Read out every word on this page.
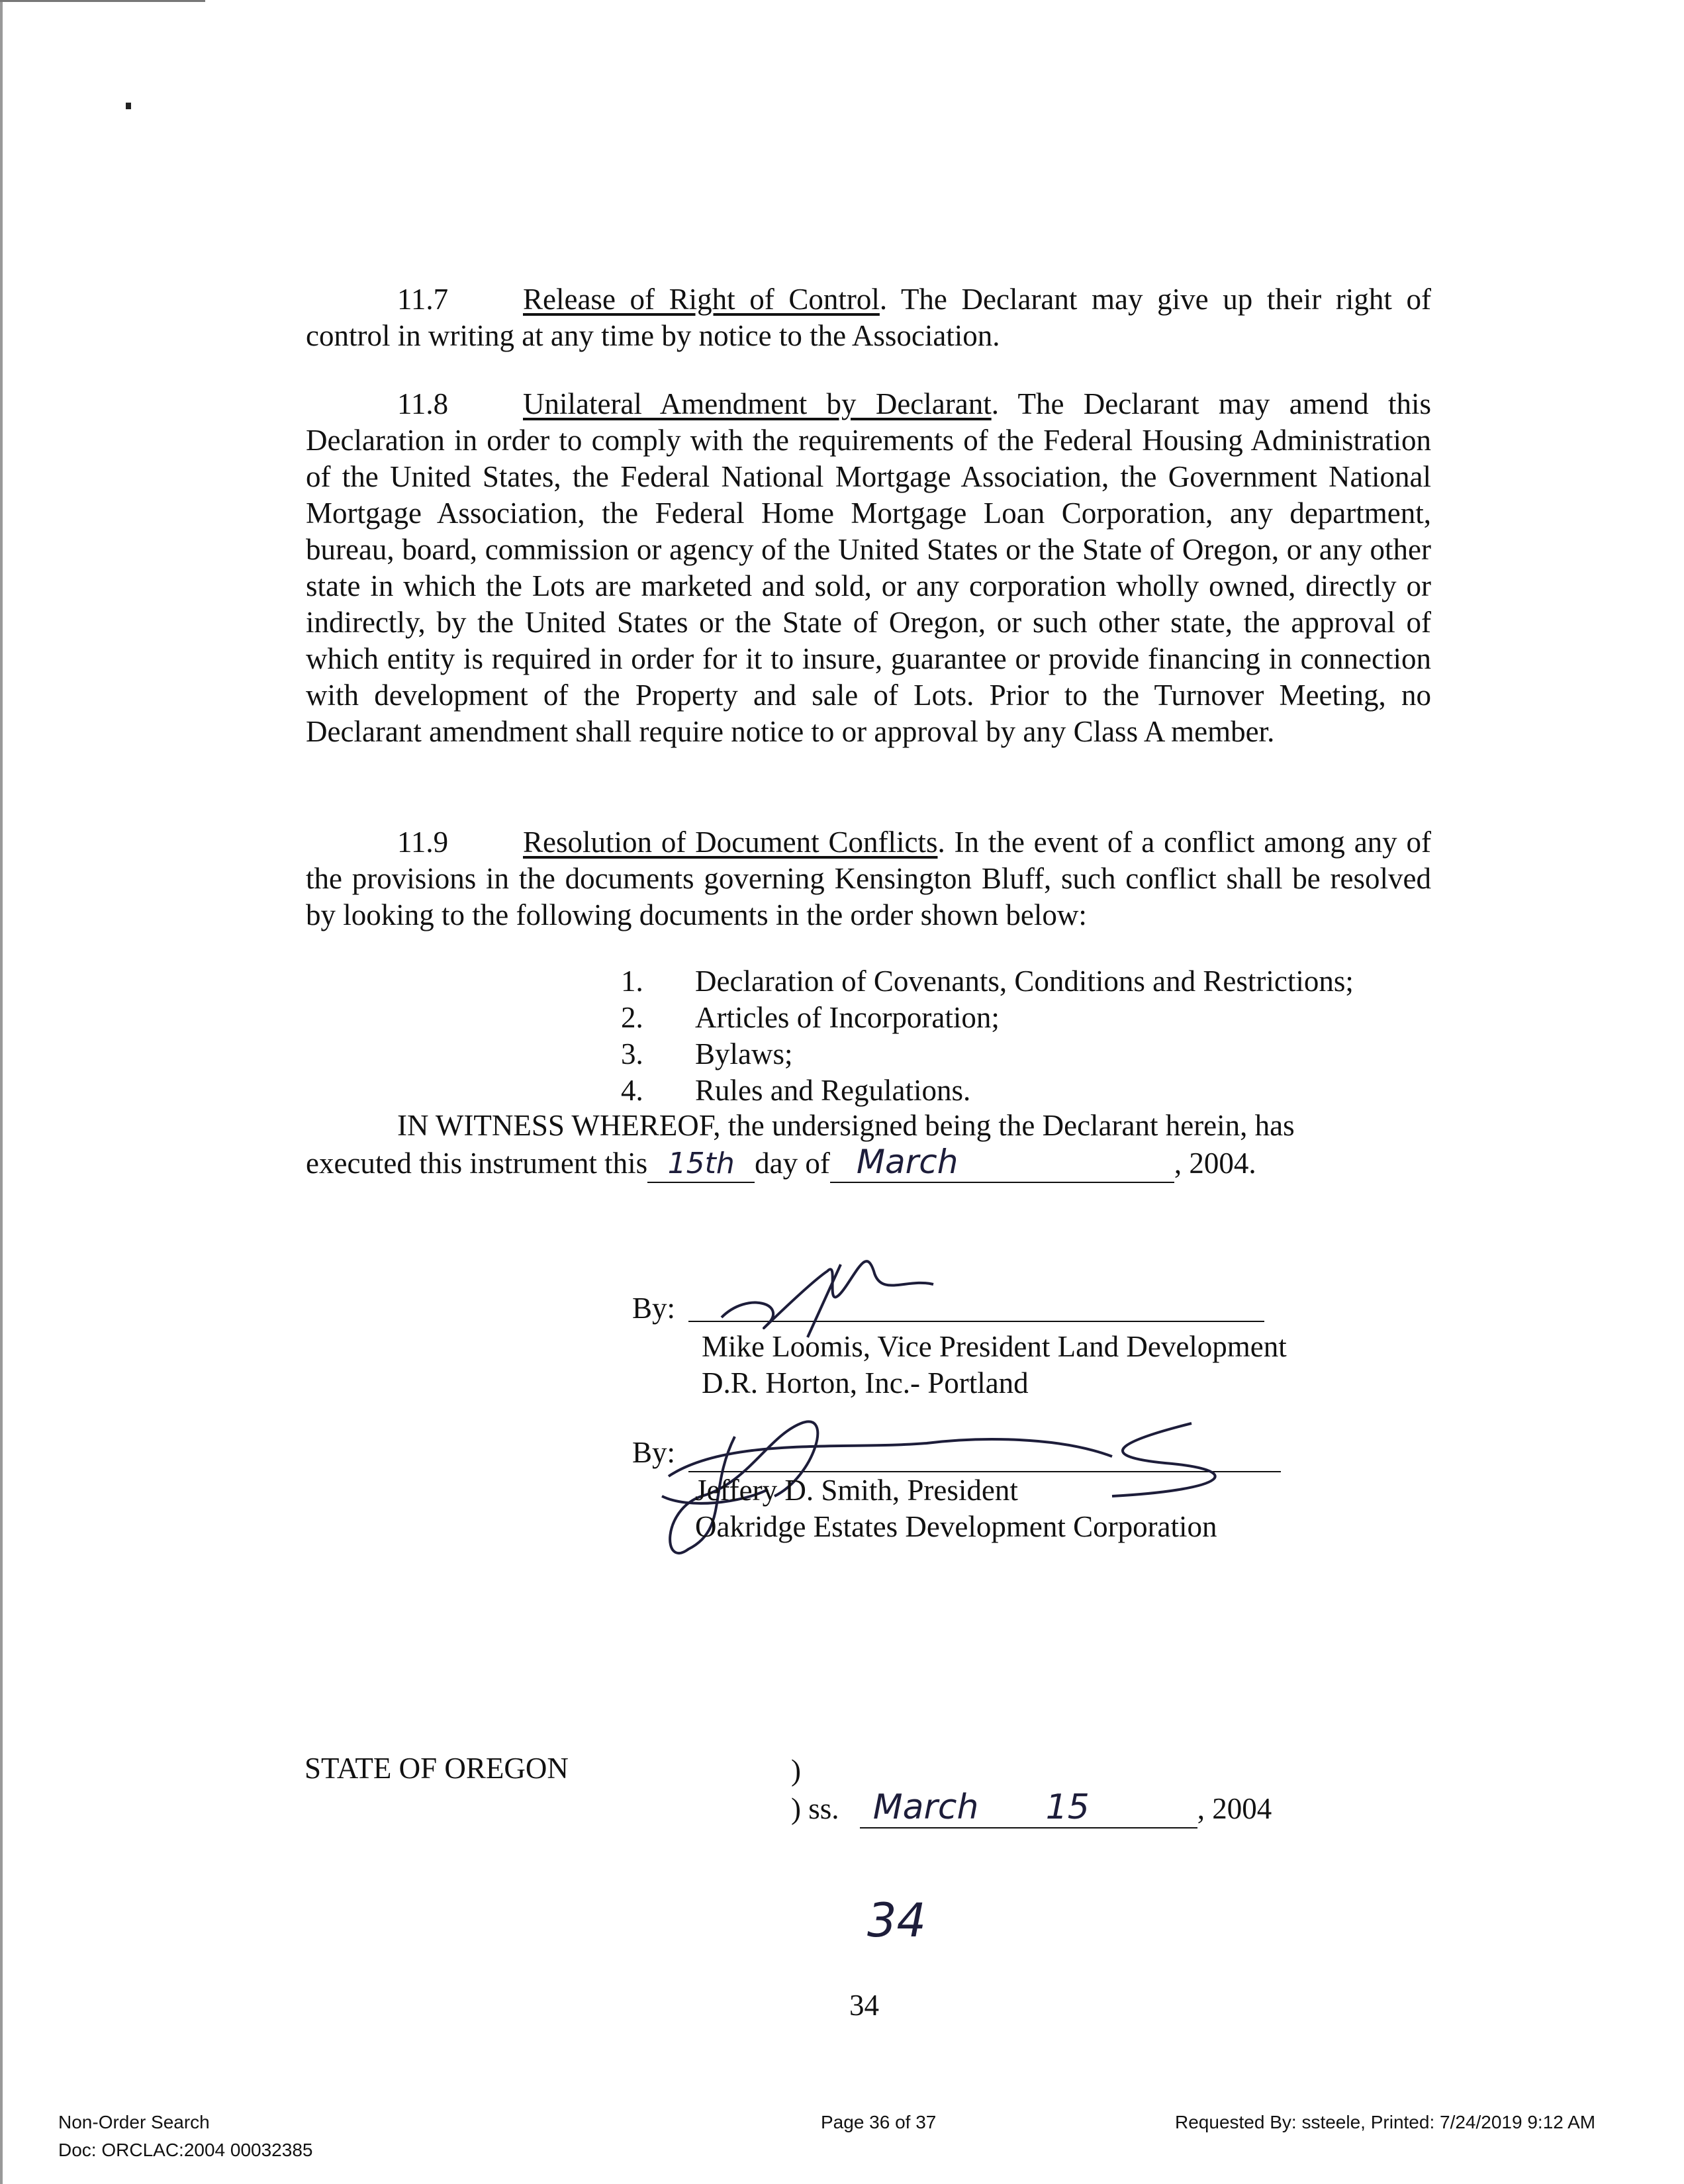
11.7	Release of Right of Control. The Declarant may give up their right of control in writing at any time by notice to the Association.
11.8	Unilateral Amendment by Declarant. The Declarant may amend this Declaration in order to comply with the requirements of the Federal Housing Administration of the United States, the Federal National Mortgage Association, the Government National Mortgage Association, the Federal Home Mortgage Loan Corporation, any department, bureau, board, commission or agency of the United States or the State of Oregon, or any other state in which the Lots are marketed and sold, or any corporation wholly owned, directly or indirectly, by the United States or the State of Oregon, or such other state, the approval of which entity is required in order for it to insure, guarantee or provide financing in connection with development of the Property and sale of Lots. Prior to the Turnover Meeting, no Declarant amendment shall require notice to or approval by any Class A member.
11.9	Resolution of Document Conflicts. In the event of a conflict among any of the provisions in the documents governing Kensington Bluff, such conflict shall be resolved by looking to the following documents in the order shown below:
1. Declaration of Covenants, Conditions and Restrictions;
2. Articles of Incorporation;
3. Bylaws;
4. Rules and Regulations.
IN WITNESS WHEREOF, the undersigned being the Declarant herein, has
executed this instrument this 15th day of March	, 2004.
By:
Mike Loomis, Vice President Land Development
D.R. Horton, Inc.- Portland
By:
Jeffery D. Smith, President
Oakridge Estates Development Corporation
STATE OF OREGON	)
) ss. March 15	, 2004
34
34
Non-Order Search
Doc: ORCLAC:2004 00032385
Page 36 of 37	Requested By: ssteele, Printed: 7/24/2019 9:12 AM
